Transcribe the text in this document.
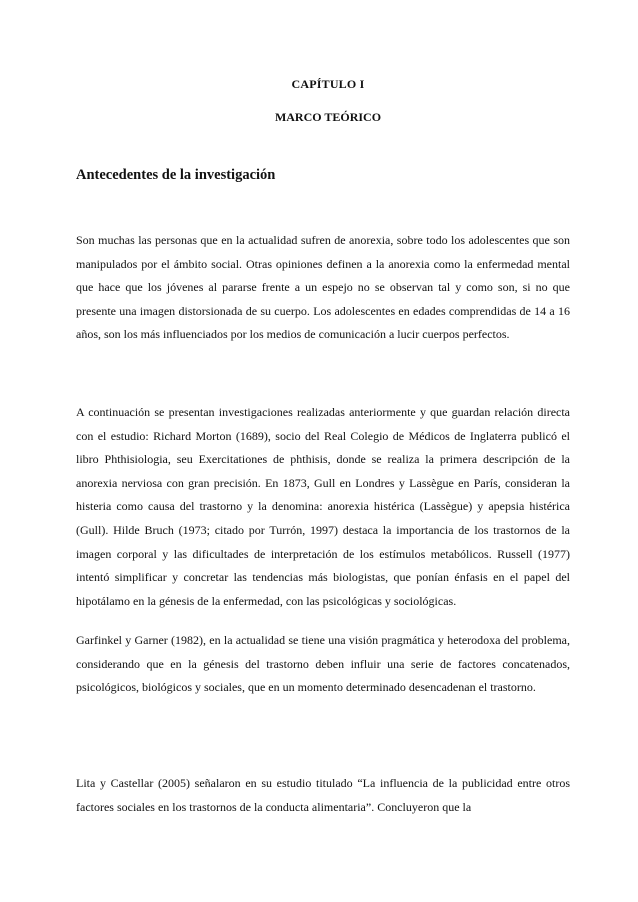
CAPÍTULO I
MARCO TEÓRICO
Antecedentes de la investigación

Son muchas las personas que en la actualidad sufren de anorexia, sobre todo los adolescentes que son manipulados por el ámbito social. Otras opiniones definen a la anorexia como la enfermedad mental que hace que los jóvenes al pararse frente a un espejo no se observan tal y como son, si no que presente una imagen distorsionada de su cuerpo. Los adolescentes en edades comprendidas de 14 a 16 años, son los más influenciados por los medios de comunicación a lucir cuerpos perfectos.

A continuación se presentan investigaciones realizadas anteriormente y que guardan relación directa con el estudio: Richard Morton (1689), socio del Real Colegio de Médicos de Inglaterra publicó el libro Phthisiologia, seu Exercitationes de phthisis, donde se realiza la primera descripción de la anorexia nerviosa con gran precisión. En 1873, Gull en Londres y Lassègue en París, consideran la histeria como causa del trastorno y la denomina: anorexia histérica (Lassègue) y apepsia histérica (Gull). Hilde Bruch (1973; citado por Turrón, 1997) destaca la importancia de los trastornos de la imagen corporal y las dificultades de interpretación de los estímulos metabólicos. Russell (1977) intentó simplificar y concretar las tendencias más biologistas, que ponían énfasis en el papel del hipotálamo en la génesis de la enfermedad, con las psicológicas y sociológicas.

Garfinkel y Garner (1982), en la actualidad se tiene una visión pragmática y heterodoxa del problema, considerando que en la génesis del trastorno deben influir una serie de factores concatenados, psicológicos, biológicos y sociales, que en un momento determinado desencadenan el trastorno.

Lita y Castellar (2005) señalaron en su estudio titulado “La influencia de la publicidad entre otros factores sociales en los trastornos de la conducta alimentaria”. Concluyeron que la
